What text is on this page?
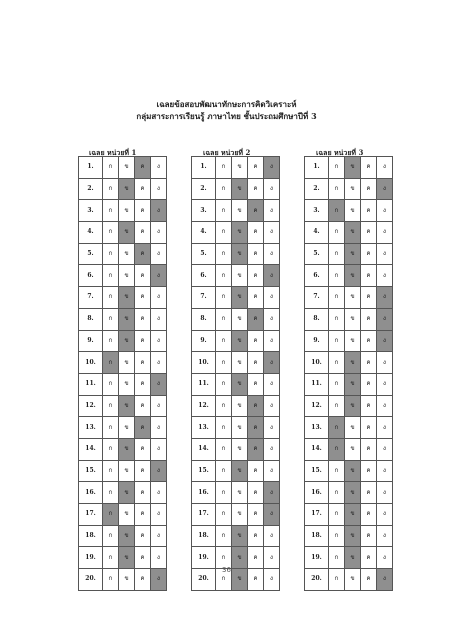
เฉลยข้อสอบพัฒนาทักษะการคิดวิเคราะห์
กลุ่มสาระการเรียนรู้ ภาษาไทย ชั้นประถมศึกษาปีที่ 3
เฉลย หน่วยที่ 1	เฉลย หน่วยที่ 2	เฉลย หน่วยที่ 3
1.	ก	ข	ค	ง
2.	ก	ข	ค	ง
3.	ก	ข	ค	ง
4.	ก	ข	ค	ง
5.	ก	ข	ค	ง
6.	ก	ข	ค	ง
7.	ก	ข	ค	ง
8.	ก	ข	ค	ง
9.	ก	ข	ค	ง
10.	ก	ข	ค	ง
11.	ก	ข	ค	ง
12.	ก	ข	ค	ง
13.	ก	ข	ค	ง
14.	ก	ข	ค	ง
15.	ก	ข	ค	ง
16.	ก	ข	ค	ง
17.	ก	ข	ค	ง
18.	ก	ข	ค	ง
19.	ก	ข	ค	ง
20.	ก	ข	ค	ง
1.	ก	ข	ค	ง
2.	ก	ข	ค	ง
3.	ก	ข	ค	ง
4.	ก	ข	ค	ง
5.	ก	ข	ค	ง
6.	ก	ข	ค	ง
7.	ก	ข	ค	ง
8.	ก	ข	ค	ง
9.	ก	ข	ค	ง
10.	ก	ข	ค	ง
11.	ก	ข	ค	ง
12.	ก	ข	ค	ง
13.	ก	ข	ค	ง
14.	ก	ข	ค	ง
15.	ก	ข	ค	ง
16.	ก	ข	ค	ง
17.	ก	ข	ค	ง
18.	ก	ข	ค	ง
19.	ก	ข	ค	ง
20.	ก	ข	ค	ง
1.	ก	ข	ค	ง
2.	ก	ข	ค	ง
3.	ก	ข	ค	ง
4.	ก	ข	ค	ง
5.	ก	ข	ค	ง
6.	ก	ข	ค	ง
7.	ก	ข	ค	ง
8.	ก	ข	ค	ง
9.	ก	ข	ค	ง
10.	ก	ข	ค	ง
11.	ก	ข	ค	ง
12.	ก	ข	ค	ง
13.	ก	ข	ค	ง
14.	ก	ข	ค	ง
15.	ก	ข	ค	ง
16.	ก	ข	ค	ง
17.	ก	ข	ค	ง
18.	ก	ข	ค	ง
19.	ก	ข	ค	ง
20.	ก	ข	ค	ง
36
